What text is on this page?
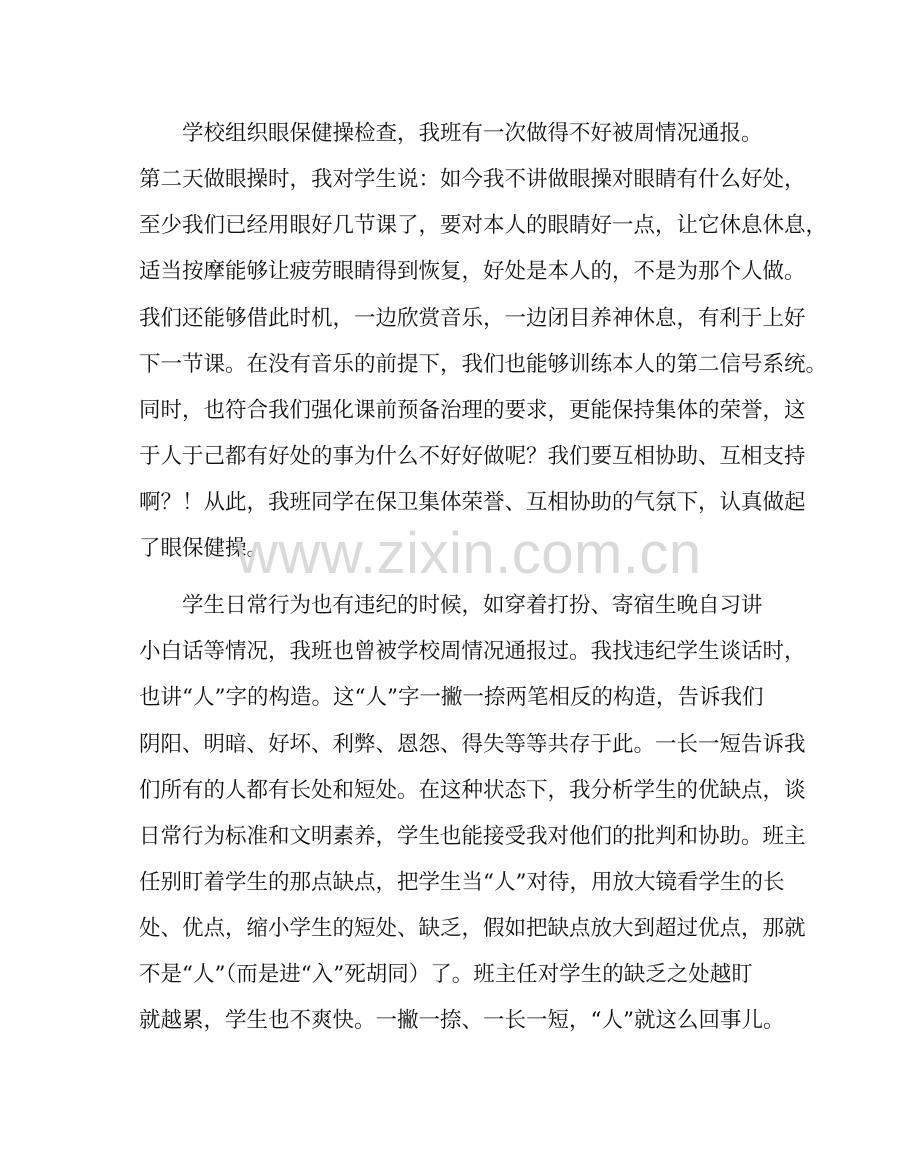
　　学校组织眼保健操检查，我班有一次做得不好被周情况通报。
第二天做眼操时，我对学生说：如今我不讲做眼操对眼睛有什么好处，
至少我们已经用眼好几节课了，要对本人的眼睛好一点，让它休息休息，
适当按摩能够让疲劳眼睛得到恢复，好处是本人的，不是为那个人做。
我们还能够借此时机，一边欣赏音乐，一边闭目养神休息，有利于上好
下一节课。在没有音乐的前提下，我们也能够训练本人的第二信号系统。
同时，也符合我们强化课前预备治理的要求，更能保持集体的荣誉，这
于人于己都有好处的事为什么不好好做呢？我们要互相协助、互相支持
啊？！从此，我班同学在保卫集体荣誉、互相协助的气氛下，认真做起
了眼保健操。
　　学生日常行为也有违纪的时候，如穿着打扮、寄宿生晚自习讲
小白话等情况，我班也曾被学校周情况通报过。我找违纪学生谈话时，
也讲“人”字的构造。这“人”字一撇一捺两笔相反的构造，告诉我们
阴阳、明暗、好坏、利弊、恩怨、得失等等共存于此。一长一短告诉我
们所有的人都有长处和短处。在这种状态下，我分析学生的优缺点，谈
日常行为标准和文明素养，学生也能接受我对他们的批判和协助。班主
任别盯着学生的那点缺点，把学生当“人”对待，用放大镜看学生的长
处、优点，缩小学生的短处、缺乏，假如把缺点放大到超过优点，那就
不是“人”（而是进“入”死胡同）了。班主任对学生的缺乏之处越盯
就越累，学生也不爽快。一撇一捺、一长一短，“人”就这么回事儿。
www.zixin.com.cn
